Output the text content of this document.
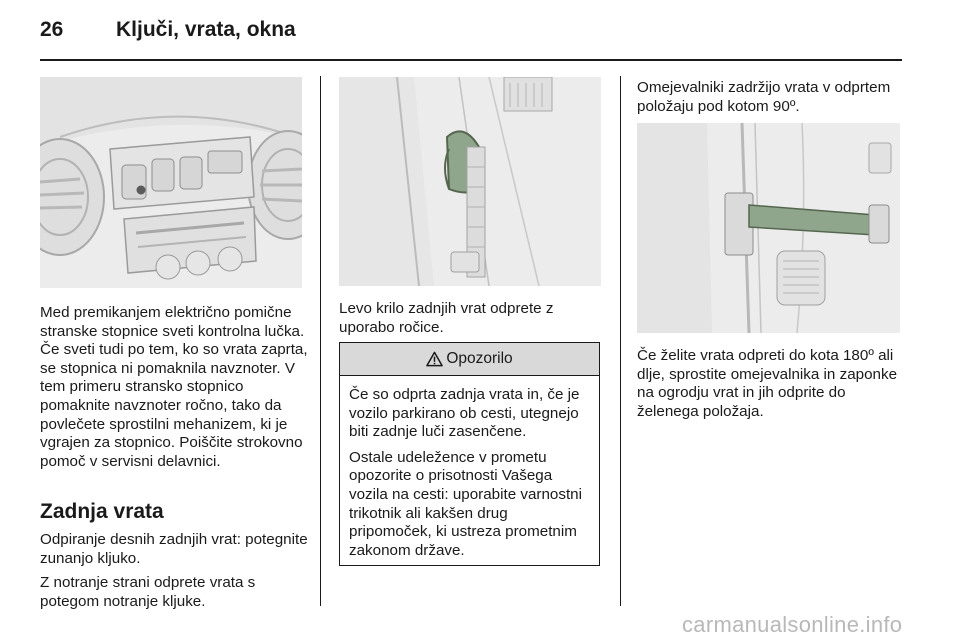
26	Ključi, vrata, okna

Med premikanjem električno pomične stranske stopnice sveti kontrolna lučka. Če sveti tudi po tem, ko so vrata zaprta, se stopnica ni pomaknila navznoter. V tem primeru stransko stopnico pomaknite navznoter ročno, tako da povlečete sprostilni mehanizem, ki je vgrajen za stopnico. Poiščite strokovno pomoč v servisni delavnici.

Zadnja vrata

Odpiranje desnih zadnjih vrat: potegnite zunanjo kljuko.

Z notranje strani odprete vrata s potegom notranje kljuke.

Levo krilo zadnjih vrat odprete z uporabo ročice.

Opozorilo

Če so odprta zadnja vrata in, če je vozilo parkirano ob cesti, utegnejo biti zadnje luči zasenčene.

Ostale udeležence v prometu opozorite o prisotnosti Vašega vozila na cesti: uporabite varnostni trikotnik ali kakšen drug pripomoček, ki ustreza prometnim zakonom države.

Omejevalniki zadržijo vrata v odprtem položaju pod kotom 90º.

Če želite vrata odpreti do kota 180º ali dlje, sprostite omejevalnika in zaponke na ogrodju vrat in jih odprite do želenega položaja.

carmanualsonline.info
